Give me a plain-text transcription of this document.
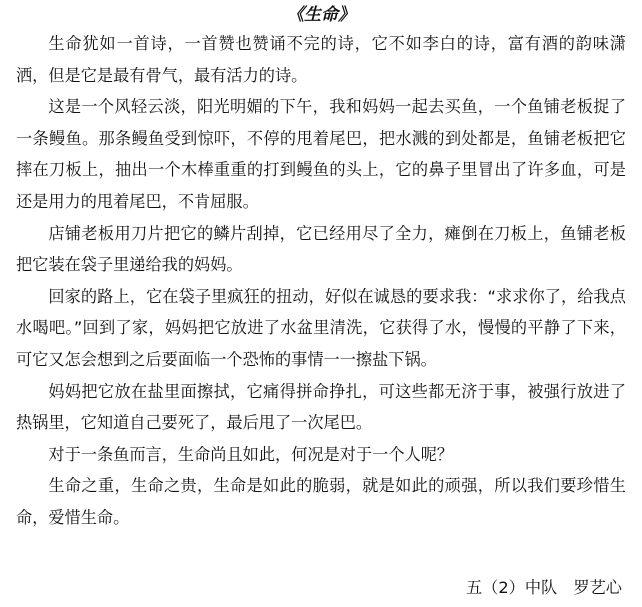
《生命》

生命犹如一首诗，一首赞也赞诵不完的诗，它不如李白的诗，富有酒的韵味潇洒，但是它是最有骨气，最有活力的诗。

这是一个风轻云淡，阳光明媚的下午，我和妈妈一起去买鱼，一个鱼铺老板捉了一条鳗鱼。那条鳗鱼受到惊吓，不停的甩着尾巴，把水溅的到处都是，鱼铺老板把它摔在刀板上，抽出一个木棒重重的打到鳗鱼的头上，它的鼻子里冒出了许多血，可是还是用力的甩着尾巴，不肯屈服。

店铺老板用刀片把它的鳞片刮掉，它已经用尽了全力，瘫倒在刀板上，鱼铺老板把它装在袋子里递给我的妈妈。

回家的路上，它在袋子里疯狂的扭动，好似在诚恳的要求我：“求求你了，给我点水喝吧。”回到了家，妈妈把它放进了水盆里清洗，它获得了水，慢慢的平静了下来，可它又怎会想到之后要面临一个恐怖的事情一一擦盐下锅。

妈妈把它放在盐里面擦拭，它痛得拼命挣扎，可这些都无济于事，被强行放进了热锅里，它知道自己要死了，最后甩了一次尾巴。

对于一条鱼而言，生命尚且如此，何况是对于一个人呢？

生命之重，生命之贵，生命是如此的脆弱，就是如此的顽强，所以我们要珍惜生命，爱惜生命。

五（2）中队　罗艺心
